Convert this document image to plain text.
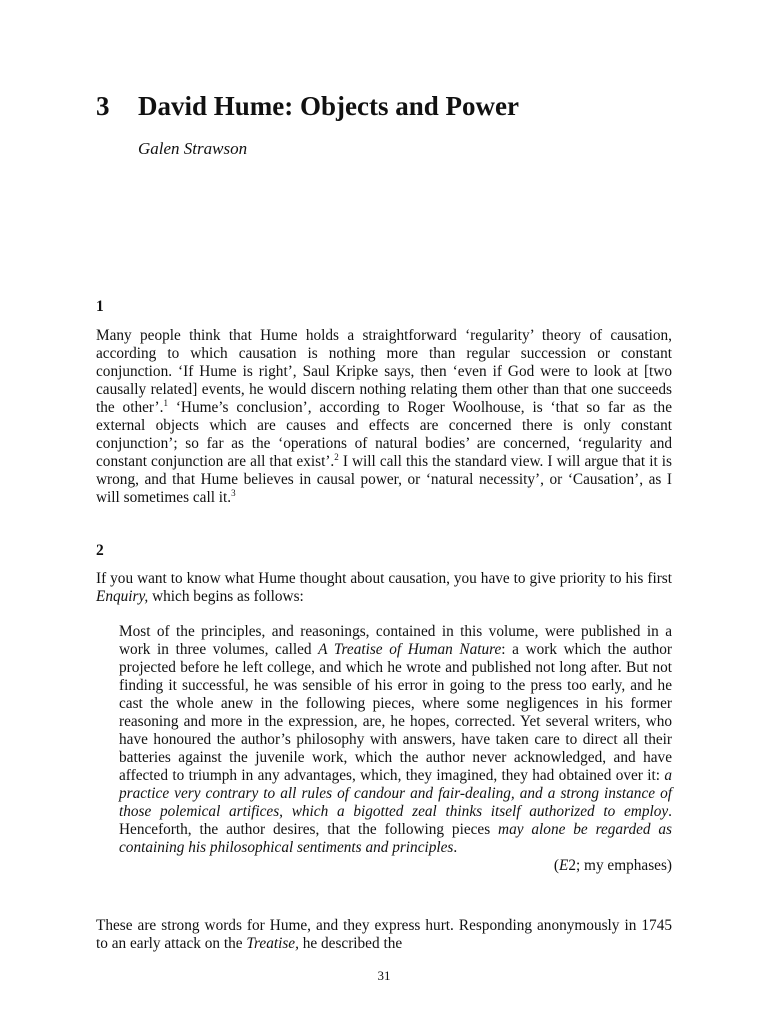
3 David Hume: Objects and Power

Galen Strawson

1

Many people think that Hume holds a straightforward ‘regularity’ theory of causation, according to which causation is nothing more than regular succession or constant conjunction. ‘If Hume is right’, Saul Kripke says, then ‘even if God were to look at [two causally related] events, he would discern nothing relating them other than that one succeeds the other’.$^1$ ‘Hume’s conclusion’, according to Roger Woolhouse, is ‘that so far as the external objects which are causes and effects are concerned there is only constant conjunction’; so far as the ‘operations of natural bodies’ are concerned, ‘regularity and constant conjunction are all that exist’.$^2$ I will call this the standard view. I will argue that it is wrong, and that Hume believes in causal power, or ‘natural necessity’, or ‘Causation’, as I will sometimes call it.$^3$

2

If you want to know what Hume thought about causation, you have to give priority to his first Enquiry, which begins as follows:

Most of the principles, and reasonings, contained in this volume, were published in a work in three volumes, called A Treatise of Human Nature: a work which the author projected before he left college, and which he wrote and published not long after. But not finding it successful, he was sensible of his error in going to the press too early, and he cast the whole anew in the following pieces, where some negligences in his former reasoning and more in the expression, are, he hopes, corrected. Yet several writers, who have honoured the author’s philosophy with answers, have taken care to direct all their batteries against the juvenile work, which the author never acknowledged, and have affected to triumph in any advantages, which, they imagined, they had obtained over it: a practice very contrary to all rules of candour and fair-dealing, and a strong instance of those polemical artifices, which a bigotted zeal thinks itself authorized to employ. Henceforth, the author desires, that the following pieces may alone be regarded as containing his philosophical sentiments and principles.

(E2; my emphases)

These are strong words for Hume, and they express hurt. Responding anonymously in 1745 to an early attack on the Treatise, he described the

31
